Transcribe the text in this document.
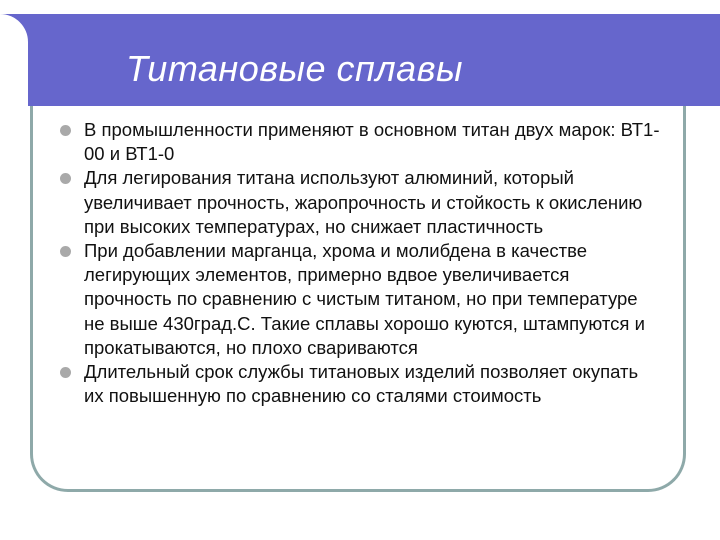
Титановые сплавы
В промышленности применяют в основном титан двух марок: ВТ1-00 и ВТ1-0
Для легирования титана используют алюминий, который увеличивает прочность, жаропрочность и стойкость к окислению при высоких температурах, но снижает пластичность
При добавлении марганца, хрома и молибдена в качестве легирующих элементов, примерно вдвое увеличивается прочность по сравнению с чистым титаном, но при температуре не выше 430град.С. Такие сплавы хорошо куются, штампуются и прокатываются, но плохо свариваются
Длительный срок службы титановых изделий позволяет окупать их повышенную по сравнению со сталями стоимость
